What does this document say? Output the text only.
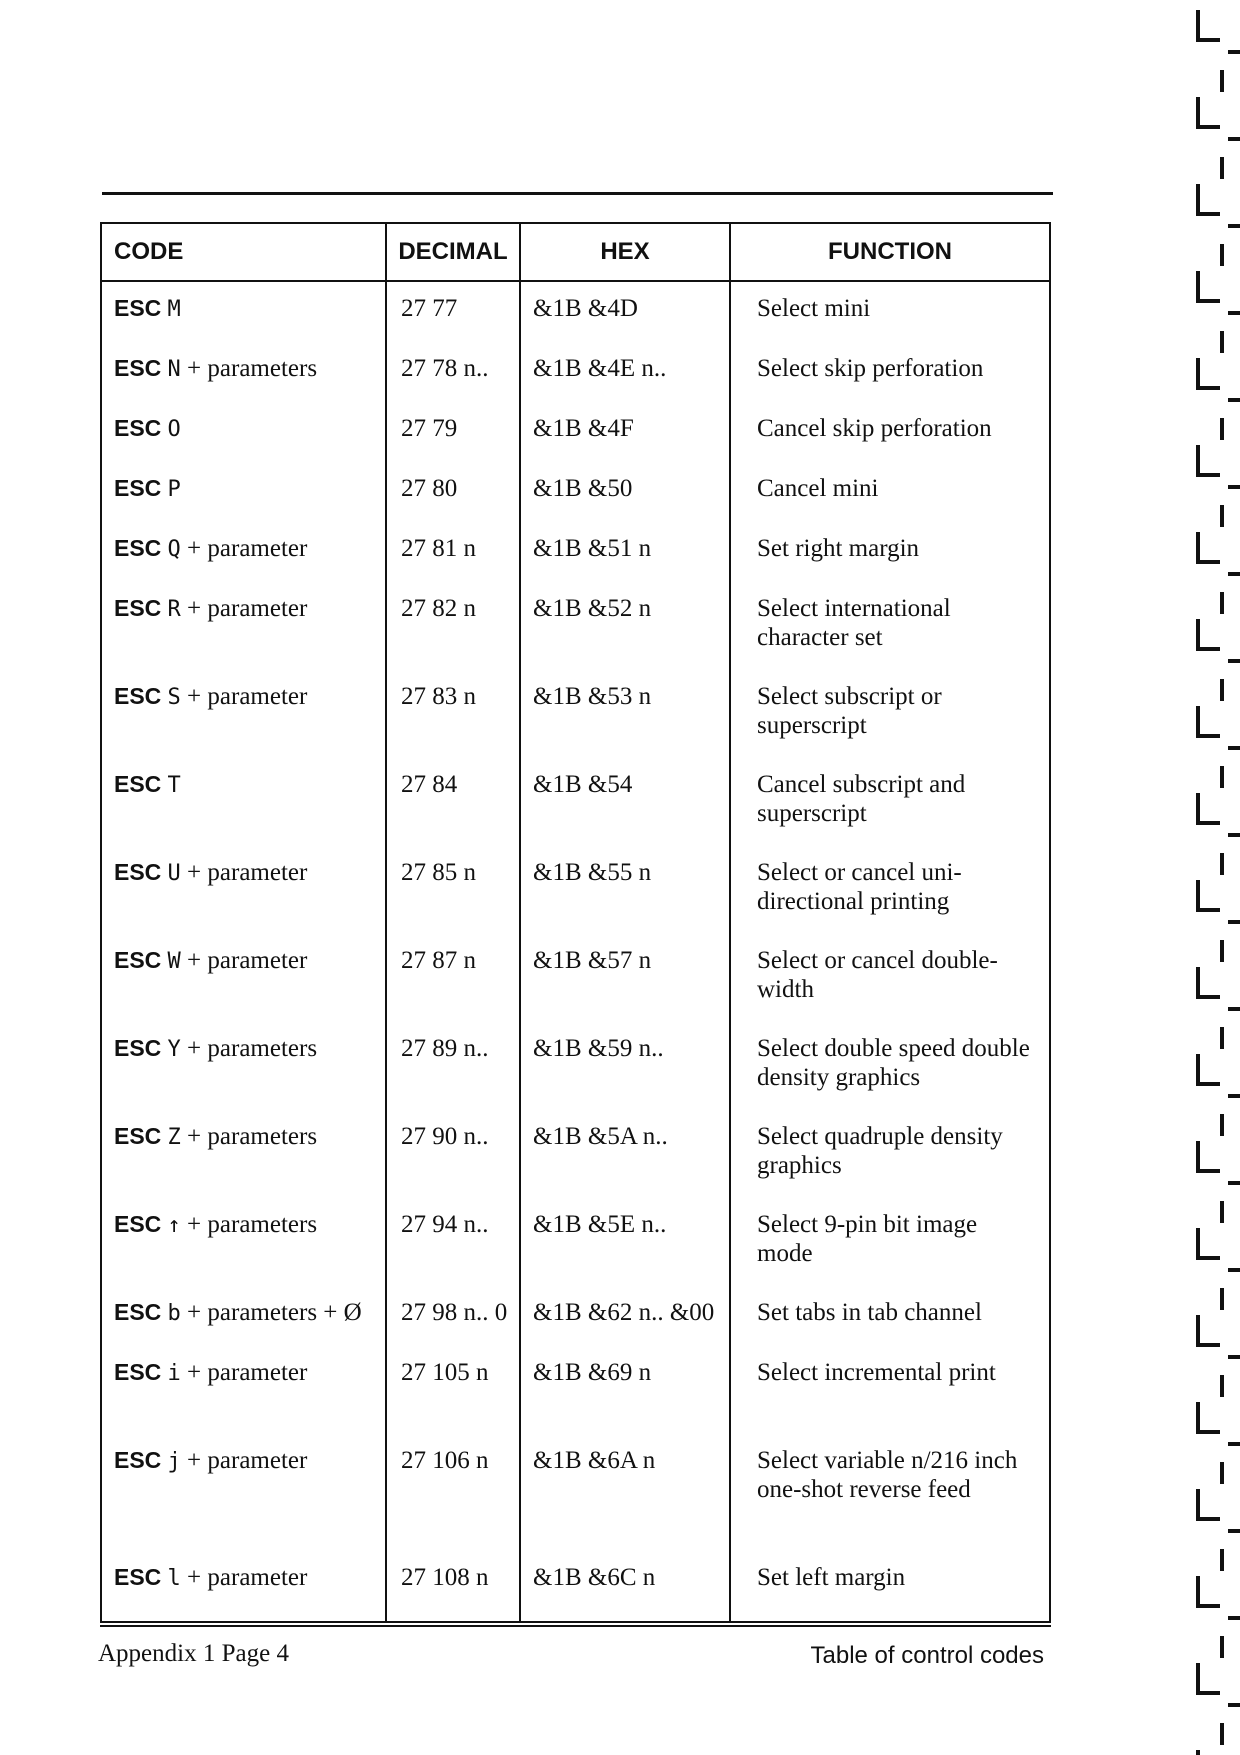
CODE	DECIMAL	HEX	FUNCTION
ESC M	27 77	&1B &4D	Select mini
ESC N + parameters	27 78 n..	&1B &4E n..	Select skip perforation
ESC O	27 79	&1B &4F	Cancel skip perforation
ESC P	27 80	&1B &50	Cancel mini
ESC Q + parameter	27 81 n	&1B &51 n	Set right margin
ESC R + parameter	27 82 n	&1B &52 n	Select international character set
ESC S + parameter	27 83 n	&1B &53 n	Select subscript or superscript
ESC T	27 84	&1B &54	Cancel subscript and superscript
ESC U + parameter	27 85 n	&1B &55 n	Select or cancel uni-directional printing
ESC W + parameter	27 87 n	&1B &57 n	Select or cancel double-width
ESC Y + parameters	27 89 n..	&1B &59 n..	Select double speed double density graphics
ESC Z + parameters	27 90 n..	&1B &5A n..	Select quadruple density graphics
ESC ↑ + parameters	27 94 n..	&1B &5E n..	Select 9-pin bit image mode
ESC b + parameters + Ø	27 98 n.. 0	&1B &62 n.. &00	Set tabs in tab channel
ESC i + parameter	27 105 n	&1B &69 n	Select incremental print
ESC j + parameter	27 106 n	&1B &6A n	Select variable n/216 inch one-shot reverse feed
ESC l + parameter	27 108 n	&1B &6C n	Set left margin
Appendix 1 Page 4	Table of control codes
